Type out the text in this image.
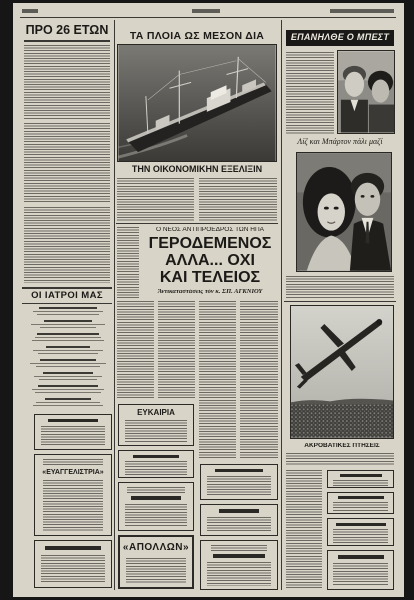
ΠΡΟ 26 ΕΤΩΝ
ΟΙ ΙΑΤΡΟΙ ΜΑΣ
«ΕΥΑΓΓΕΛΙΣΤΡΙΑ»
ΤΑ ΠΛΟΙΑ ΩΣ ΜΕΣΟΝ ΔΙΑ
ΤΗΝ ΟΙΚΟΝΟΜΙΚΗΝ ΕΞΕΛΙΞΙΝ
Ο ΝΕΟΣ ΑΝΤΙΠΡΟΕΔΡΟΣ ΤΩΝ ΗΠΑ
ΓΕΡΟΔΕΜΕΝΟΣ
ΑΛΛΑ... ΟΧΙ
ΚΑΙ ΤΕΛΕΙΟΣ
Άντικαταστάσεις τόν κ. ΣΠ. ΑΓΚΝΙΟΥ
ΕΥΚΑΙΡΙΑ
«ΑΠΟΛΛΩΝ»
ΕΠΑΝΗΛΘΕ Ο ΜΠΕΣΤ
Λίζ και Μπάρτον πάλι μαζί
ΑΚΡΟΒΑΤΙΚΕΣ ΠΤΗΣΕΙΣ
